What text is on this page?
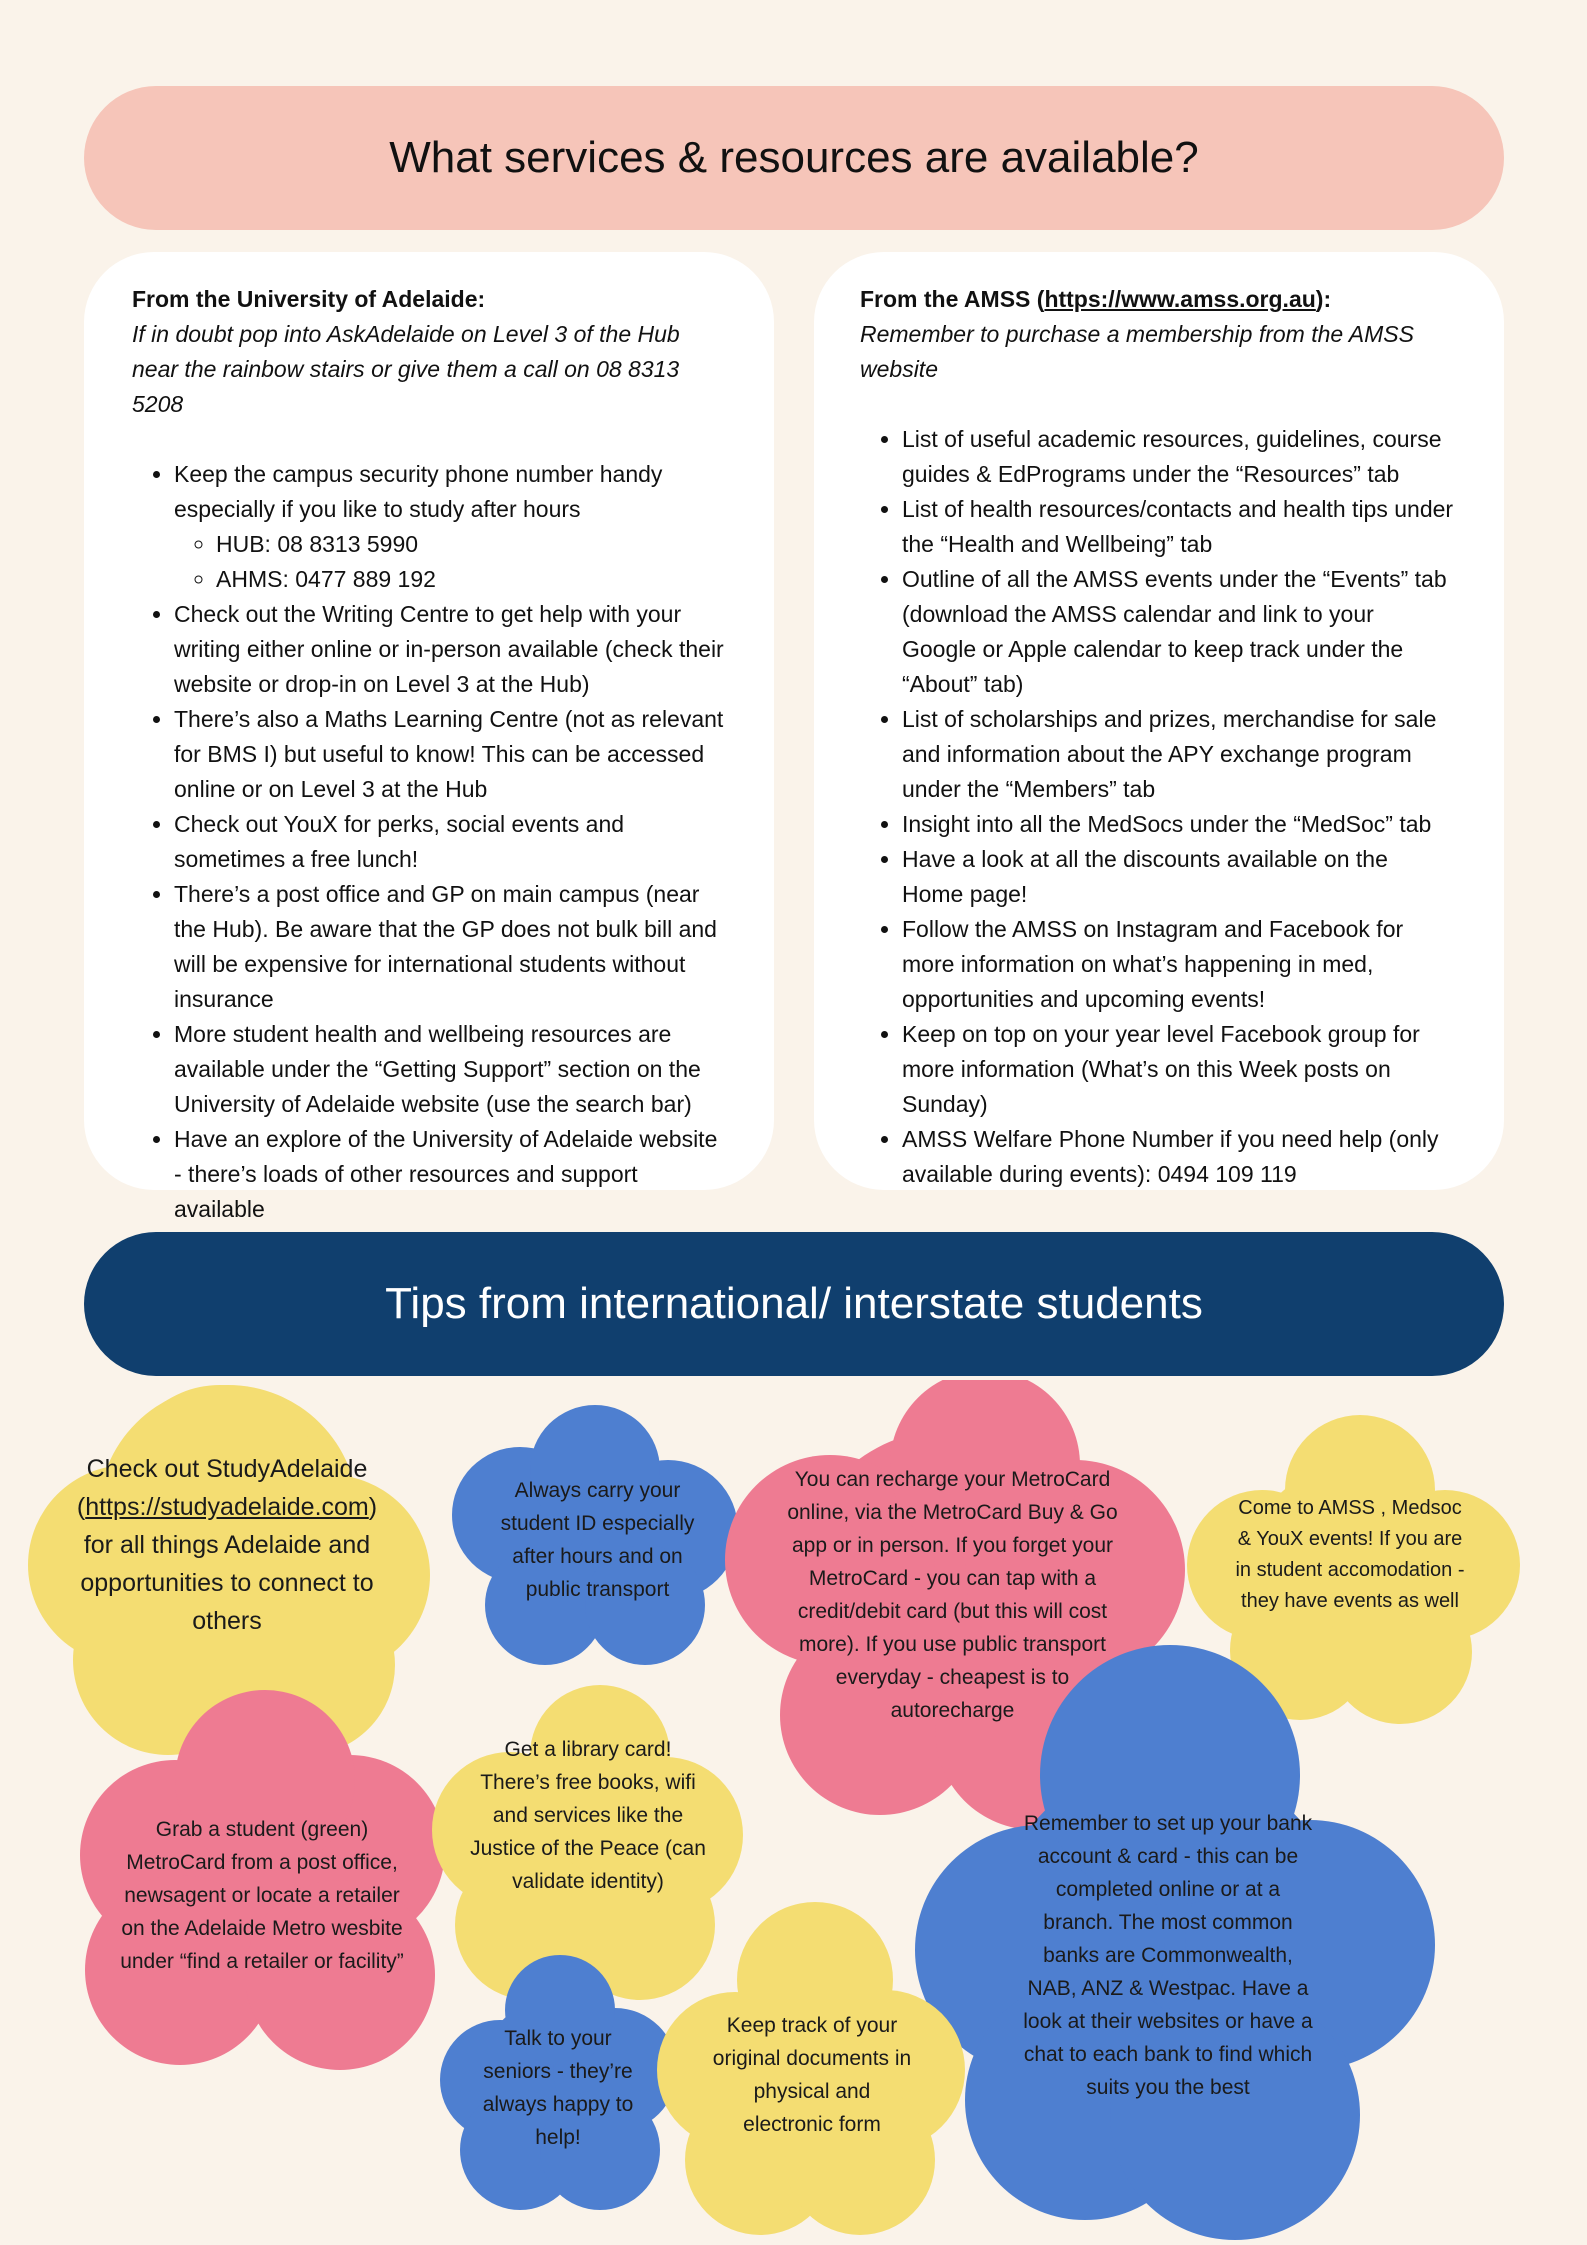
What services & resources are available?
From the University of Adelaide:
If in doubt pop into AskAdelaide on Level 3 of the Hub near the rainbow stairs or give them a call on 08 8313 5208
• Keep the campus security phone number handy especially if you like to study after hours
◦ HUB: 08 8313 5990
◦ AHMS: 0477 889 192
• Check out the Writing Centre to get help with your writing either online or in-person available (check their website or drop-in on Level 3 at the Hub)
• There’s also a Maths Learning Centre (not as relevant for BMS I) but useful to know! This can be accessed online or on Level 3 at the Hub
• Check out YouX for perks, social events and sometimes a free lunch!
• There’s a post office and GP on main campus (near the Hub). Be aware that the GP does not bulk bill and will be expensive for international students without insurance
• More student health and wellbeing resources are available under the “Getting Support” section on the University of Adelaide website (use the search bar)
• Have an explore of the University of Adelaide website - there’s loads of other resources and support available
From the AMSS (https://www.amss.org.au):
Remember to purchase a membership from the AMSS website
• List of useful academic resources, guidelines, course guides & EdPrograms under the “Resources” tab
• List of health resources/contacts and health tips under the “Health and Wellbeing” tab
• Outline of all the AMSS events under the “Events” tab (download the AMSS calendar and link to your Google or Apple calendar to keep track under the “About” tab)
• List of scholarships and prizes, merchandise for sale and information about the APY exchange program under the “Members” tab
• Insight into all the MedSocs under the “MedSoc” tab
• Have a look at all the discounts available on the Home page!
• Follow the AMSS on Instagram and Facebook for more information on what’s happening in med, opportunities and upcoming events!
• Keep on top on your year level Facebook group for more information (What’s on this Week posts on Sunday)
• AMSS Welfare Phone Number if you need help (only available during events): 0494 109 119
Tips from international/ interstate students
Check out StudyAdelaide (https://studyadelaide.com) for all things Adelaide and opportunities to connect to others
Always carry your student ID especially after hours and on public transport
You can recharge your MetroCard online, via the MetroCard Buy & Go app or in person. If you forget your MetroCard - you can tap with a credit/debit card (but this will cost more). If you use public transport everyday - cheapest is to autorecharge
Come to AMSS , Medsoc & YouX events! If you are in student accomodation - they have events as well
Grab a student (green) MetroCard from a post office, newsagent or locate a retailer on the Adelaide Metro wesbite under “find a retailer or facility”
Get a library card! There’s free books, wifi and services like the Justice of the Peace (can validate identity)
Remember to set up your bank account & card - this can be completed online or at a branch. The most common banks are Commonwealth, NAB, ANZ & Westpac. Have a look at their websites or have a chat to each bank to find which suits you the best
Talk to your seniors - they’re always happy to help!
Keep track of your original documents in physical and electronic form
